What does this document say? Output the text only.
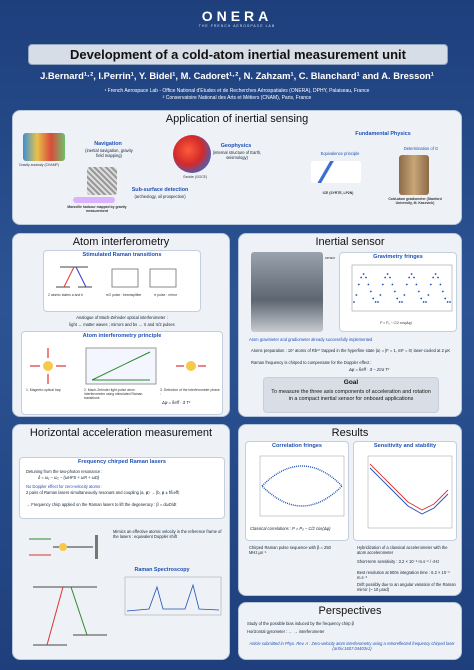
ONERA
THE FRENCH AEROSPACE LAB
Development of a cold-atom inertial measurement unit
J.Bernard¹·², I.Perrin¹, Y. Bidel¹, M. Cadoret¹·², N. Zahzam¹, C. Blanchard¹ and A. Bresson¹
¹ French Aerospace Lab - Office National d'Etudes et de Recherches Aérospatiales (ONERA), DPHY, Palaiseau, France
² Conservatoire National des Arts et Métiers (CNAM), Paris, France
Application of inertial sensing
Gravity anomaly (CHAMP)
Navigation
(inertial navigation, gravity field mapping)
Marseille harbour mapped by gravity measurement
Sub-surface detection
(archeology, oil prospection)
Geoide (GOCE)
Geophysics
(internal structure of Earth, seismology)
Fundamental Physics
Equivalence principle
Determination of G
ICE (SYRTE, LP2N)
Cold-atom gradiometer (Stanford University, M. Kasevich)
Atom interferometry
Stimulated Raman transitions
2 atomic states a and b	π/2 pulse : beamsplitter	π pulse : mirror
Analogue of Mach-Zehnder optical interferometer :
light ↔ matter waves ; mirrors and bs ↔ π and π/2 pulses
Atom interferometry principle
1. Magneto-optical trap	2. Mach-Zehnder light-pulse atom interferometer using stimulated Raman transitions
3. Detection of the interferometer phase :
Δφ = k⃗eff · a⃗ T²
Inertial sensor
sensor	Gravimetry fringes
P = P₀ − C/2 cos(Δφ)
Atom gravimeter and gradiometer already successfully implemented
Atoms preparation : 10⁷ atoms of Rb⁸⁷ trapped in the hyperfine state |a⟩ = |F = 1, mF = 0⟩ laser-cooled at 2 μK
Raman frequency is chirped to compensate for the Doppler effect :
Δφ = k⃗eff · a⃗ − 2πα T²
Goal
To measure the three axis components of acceleration and rotation in a compact inertial sensor for onboard applications
Horizontal acceleration measurement
Frequency chirped Raman lasers
Detuning from the two-photon resonance :
δ = ω₁ − ω₂ − (ωHFS + ωR + ωD)
No Doppler effect for zero-velocity atoms :
2 pairs of Raman lasers simultaneously resonant and coupling |a, p⃗⟩ → |b, p⃗ ± ħk⃗eff⟩
→ Frequency chirp applied on the Raman lasers to lift the degeneracy : β = dωD/dt
Mimics an effective atomic velocity in the reference frame of the lasers : equivalent Doppler shift
Raman Spectroscopy
Results
Correlation fringes
Classical correlations : P = P₀ − C/2 cos(Δφ)
Sensitivity and stability
Chirped Raman pulse sequence with β = 250 MHz.μs⁻¹
Hybridization of a classical accelerometer with the atom accelerometer
Short-term sensitivity : 3.2 × 10⁻⁵ m.s⁻² / √Hz
Best resolution at 500s integration time : 6.2 × 10⁻⁶ m.s⁻²
Drift possibly due to an angular variation of the Raman mirror (~ 10 μrad)
Perspectives
Study of the possible bias induced by the frequency chirp β
Horizontal gyrometer : ← → interferometer
Article submitted in Phys. Rev. A : Zero-velocity atom interferometry using a retroreflected frequency chirped laser (arXiv:1607.04403v1)
